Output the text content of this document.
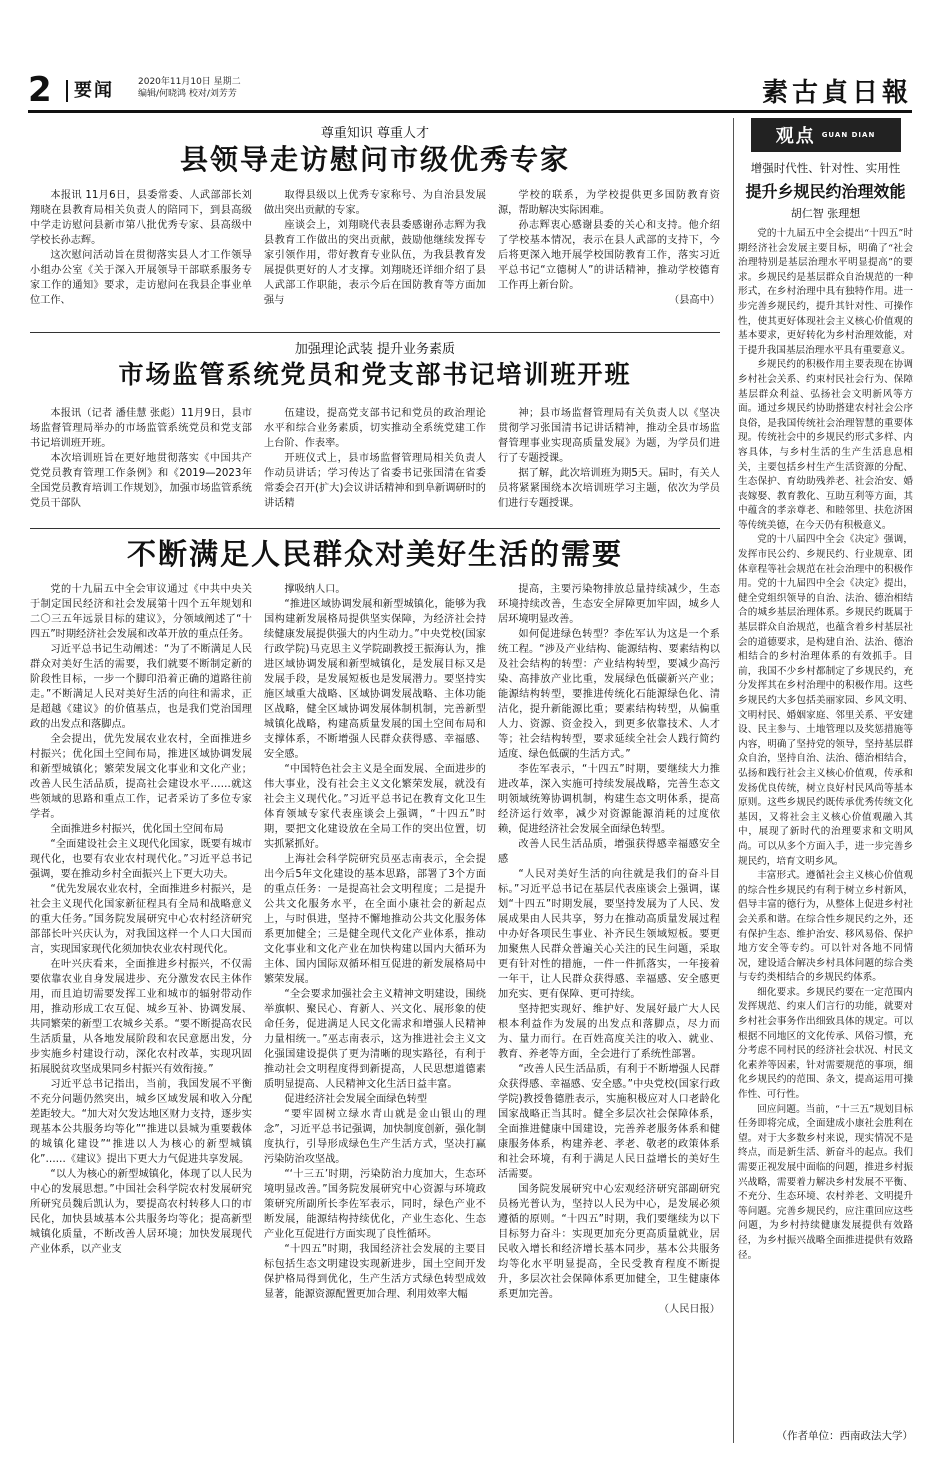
2	要闻	2020年11月10日 星期二
编辑/何晓鸿 校对/刘芳芳	素古貞日報
尊重知识 尊重人才
县领导走访慰问市级优秀专家

本报讯 11月6日，县委常委、人武部部长刘翔晓在县教育局相关负责人的陪同下，到县高级中学走访慰问县新市第八批优秀专家、县高级中学校长孙志辉。

这次慰问活动旨在贯彻落实县人才工作领导小组办公室《关于深入开展领导干部联系服务专家工作的通知》要求，走访慰问在我县企事业单位工作、

取得县级以上优秀专家称号、为自治县发展做出突出贡献的专家。

座谈会上，刘翔晓代表县委感谢孙志辉为我县教育工作做出的突出贡献，鼓励他继续发挥专家引领作用，带好教育专业队伍，为我县教育发展提供更好的人才支撑。刘翔晓还详细介绍了县人武部工作职能，表示今后在国防教育等方面加强与

学校的联系，为学校提供更多国防教育资源，帮助解决实际困难。

孙志辉衷心感谢县委的关心和支持。他介绍了学校基本情况，表示在县人武部的支持下，今后将更深入地开展学校国防教育工作，落实习近平总书记“立德树人”的讲话精神，推动学校德育工作再上新台阶。

（县高中）

加强理论武装 提升业务素质
市场监管系统党员和党支部书记培训班开班

本报讯（记者 潘佳慧 张彪）11月9日，县市场监督管理局举办的市场监管系统党员和党支部书记培训班开班。

本次培训班旨在更好地贯彻落实《中国共产党党员教育管理工作条例》和《2019—2023年全国党员教育培训工作规划》，加强市场监管系统党员干部队

伍建设，提高党支部书记和党员的政治理论水平和综合业务素质，切实推动全系统党建工作上台阶、作表率。

开班仪式上，县市场监督管理局相关负责人作动员讲话；学习传达了省委书记张国清在省委常委会召开(扩大)会议讲话精神和到阜新调研时的讲话精

神；县市场监督管理局有关负责人以《坚决贯彻学习张国清书记讲话精神，推动全县市场监督管理事业实现高质量发展》为题，为学员们进行了专题授课。

据了解，此次培训班为期5天。届时，有关人员将紧紧围绕本次培训班学习主题，依次为学员们进行专题授课。

不断满足人民群众对美好生活的需要

党的十九届五中全会审议通过《中共中央关于制定国民经济和社会发展第十四个五年规划和二〇三五年远景目标的建议》，分领域阐述了“十四五”时期经济社会发展和改革开放的重点任务。

习近平总书记生动阐述：“为了不断满足人民群众对美好生活的需要，我们就要不断制定新的阶段性目标，一步一个脚印沿着正确的道路往前走。”不断满足人民对美好生活的向往和需求，正是超越《建议》的价值基点，也是我们党治国理政的出发点和落脚点。

全会提出，优先发展农业农村，全面推进乡村振兴；优化国土空间布局，推进区域协调发展和新型城镇化；繁荣发展文化事业和文化产业；改善人民生活品质，提高社会建设水平……就这些领域的思路和重点工作，记者采访了多位专家学者。

全面推进乡村振兴，优化国土空间布局

“全面建设社会主义现代化国家，既要有城市现代化，也要有农业农村现代化。”习近平总书记强调，要在推动乡村全面振兴上下更大功夫。

“优先发展农业农村，全面推进乡村振兴，是社会主义现代化国家新征程具有全局和战略意义的重大任务。”国务院发展研究中心农村经济研究部部长叶兴庆认为，对我国这样一个人口大国而言，实现国家现代化须加快农业农村现代化。

在叶兴庆看来，全面推进乡村振兴，不仅需要依靠农业自身发展进步、充分激发农民主体作用，而且迫切需要发挥工业和城市的辐射带动作用，推动形成工农互促、城乡互补、协调发展、共同繁荣的新型工农城乡关系。“要不断提高农民生活质量，从各地发展阶段和农民意愿出发，分步实施乡村建设行动，深化农村改革，实现巩固拓展脱贫攻坚成果同乡村振兴有效衔接。”

习近平总书记指出，当前，我国发展不平衡不充分问题仍然突出，城乡区域发展和收入分配差距较大。“加大对欠发达地区财力支持，逐步实现基本公共服务均等化”“推进以县城为重要载体的城镇化建设”“推进以人为核心的新型城镇化”……《建议》提出下更大力气促进共享发展。

“以人为核心的新型城镇化，体现了以人民为中心的发展思想。”中国社会科学院农村发展研究所研究员魏后凯认为，要提高农村转移人口的市民化，加快县域基本公共服务均等化；提高新型城镇化质量，不断改善人居环境；加快发展现代产业体系，以产业支

撑吸纳人口。

“推进区域协调发展和新型城镇化，能够为我国构建新发展格局提供坚实保障，为经济社会持续健康发展提供强大的内生动力。”中央党校(国家行政学院)马克思主义学院副教授王振海认为，推进区域协调发展和新型城镇化，是发展目标又是发展手段，是发展短板也是发展潜力。要坚持实施区域重大战略、区域协调发展战略、主体功能区战略，健全区域协调发展体制机制，完善新型城镇化战略，构建高质量发展的国土空间布局和支撑体系，不断增强人民群众获得感、幸福感、安全感。

“中国特色社会主义是全面发展、全面进步的伟大事业，没有社会主义文化繁荣发展，就没有社会主义现代化。”习近平总书记在教育文化卫生体育领域专家代表座谈会上强调，“十四五”时期，要把文化建设放在全局工作的突出位置，切实抓紧抓好。

上海社会科学院研究员巫志南表示，全会提出今后5年文化建设的基本思路，部署了3个方面的重点任务：一是提高社会文明程度；二是提升公共文化服务水平，在全面小康社会的新起点上，与时俱进，坚持不懈地推动公共文化服务体系更加健全；三是健全现代文化产业体系，推动文化事业和文化产业在加快构建以国内大循环为主体、国内国际双循环相互促进的新发展格局中繁荣发展。

“全会要求加强社会主义精神文明建设，围绕举旗帜、聚民心、育新人、兴文化、展形象的使命任务，促进满足人民文化需求和增强人民精神力量相统一。”巫志南表示，这为推进社会主义文化强国建设提供了更为清晰的现实路径，有利于推动社会文明程度得到新提高，人民思想道德素质明显提高、人民精神文化生活日益丰富。

促进经济社会发展全面绿色转型

“要牢固树立绿水青山就是金山银山的理念”，习近平总书记强调，加快制度创新，强化制度执行，引导形成绿色生产生活方式，坚决打赢污染防治攻坚战。

“‘十三五’时期，污染防治力度加大，生态环境明显改善。”国务院发展研究中心资源与环境政策研究所副所长李佐军表示，同时，绿色产业不断发展，能源结构持续优化，产业生态化、生态产业化互促进行方面实现了良性循环。

“十四五”时期，我国经济社会发展的主要目标包括生态文明建设实现新进步，国土空间开发保护格局得到优化，生产生活方式绿色转型成效显著，能源资源配置更加合理、利用效率大幅

提高，主要污染物排放总量持续减少，生态环境持续改善，生态安全屏障更加牢固，城乡人居环境明显改善。

如何促进绿色转型？李佐军认为这是一个系统工程。“涉及产业结构、能源结构、要素结构以及社会结构的转型：产业结构转型，要减少高污染、高排放产业比重，发展绿色低碳新兴产业；能源结构转型，要推进传统化石能源绿色化、清洁化，提升新能源比重；要素结构转型，从偏重人力、资源、资金投入，到更多依靠技术、人才等；社会结构转型，要求延续全社会人践行简约适度、绿色低碳的生活方式。”

李佐军表示，“十四五”时期，要继续大力推进改革，深入实施可持续发展战略，完善生态文明领域统筹协调机制，构建生态文明体系，提高经济运行效率，减少对资源能源消耗的过度依赖，促进经济社会发展全面绿色转型。

改善人民生活品质，增强获得感幸福感安全感

“人民对美好生活的向往就是我们的奋斗目标。”习近平总书记在基层代表座谈会上强调，谋划“十四五”时期发展，要坚持发展为了人民、发展成果由人民共享，努力在推动高质量发展过程中办好各项民生事业、补齐民生领域短板。要更加聚焦人民群众普遍关心关注的民生问题，采取更有针对性的措施，一件一件抓落实，一年接着一年干，让人民群众获得感、幸福感、安全感更加充实、更有保障、更可持续。

坚持把实现好、维护好、发展好最广大人民根本利益作为发展的出发点和落脚点，尽力而为、量力而行。在百姓高度关注的收入、就业、教育、养老等方面，全会进行了系统性部署。

“改善人民生活品质，有利于不断增强人民群众获得感、幸福感、安全感。”中央党校(国家行政学院)教授鲁德胜表示，实施积极应对人口老龄化国家战略正当其时。健全多层次社会保障体系，全面推进健康中国建设，完善养老服务体系和健康服务体系，构建养老、孝老、敬老的政策体系和社会环境，有利于满足人民日益增长的美好生活需要。

国务院发展研究中心宏观经济研究部副研究员杨光普认为，坚持以人民为中心，是发展必须遵循的原则。“十四五”时期，我们要继续为以下目标努力奋斗：实现更加充分更高质量就业，居民收入增长和经济增长基本同步，基本公共服务均等化水平明显提高，全民受教育程度不断提升，多层次社会保障体系更加健全，卫生健康体系更加完善。

（人民日报）

观点 GUAN DIAN
增强时代性、针对性、实用性
提升乡规民约治理效能
胡仁智 张理想

党的十九届五中全会提出“十四五”时期经济社会发展主要目标，明确了“社会治理特别是基层治理水平明显提高”的要求。乡规民约是基层群众自治规范的一种形式，在乡村治理中具有独特作用。进一步完善乡规民约，提升其针对性、可操作性，使其更好体现社会主义核心价值观的基本要求，更好转化为乡村治理效能，对于提升我国基层治理水平具有重要意义。

乡规民约的积极作用主要表现在协调乡村社会关系、约束村民社会行为、保障基层群众利益、弘扬社会文明新风等方面。通过乡规民约协助搭建农村社会公序良俗，是我国传统社会治理智慧的重要体现。传统社会中的乡规民约形式多样、内容具体，与乡村生活的生产生活息息相关，主要包括乡村生产生活资源的分配、生态保护、育幼助残养老、社会治安、婚丧嫁娶、教育教化、互助互利等方面，其中蕴含的孝亲尊老、和睦邻里、扶危济困等传统美德，在今天仍有积极意义。

党的十八届四中全会《决定》强调，发挥市民公约、乡规民约、行业规章、团体章程等社会规范在社会治理中的积极作用。党的十九届四中全会《决定》提出，健全党组织领导的自治、法治、德治相结合的城乡基层治理体系。乡规民约既属于基层群众自治规范，也蕴含着乡村基层社会的道德要求，是构建自治、法治、德治相结合的乡村治理体系的有效抓手。目前，我国不少乡村都制定了乡规民约，充分发挥其在乡村治理中的积极作用。这些乡规民约大多包括美丽家园、乡风文明、文明村民、婚姻家庭、邻里关系、平安建设、民主参与、土地管理以及奖惩措施等内容，明确了坚持党的领导，坚持基层群众自治，坚持自治、法治、德治相结合，弘扬和践行社会主义核心价值观，传承和发扬优良传统，树立良好村民风尚等基本原则。这些乡规民约既传承优秀传统文化基因，又将社会主义核心价值观融入其中，展现了新时代的治理要求和文明风尚。可以从多个方面入手，进一步完善乡规民约，培育文明乡风。

丰富形式。遵循社会主义核心价值观的综合性乡规民约有利于树立乡村新风，倡导丰富的德行为，从整体上促进乡村社会关系和谐。在综合性乡规民约之外，还有保护生态、维护治安、移风易俗、保护地方安全等专约。可以针对各地不同情况，建设适合解决乡村具体问题的综合类与专约类相结合的乡规民约体系。

细化要求。乡规民约要在一定范围内发挥规范、约束人们言行的功能，就要对乡村社会事务作出细致具体的规定。可以根据不同地区的文化传承、风俗习惯，充分考虑不同村民的经济社会状况、村民文化素养等因素，针对需要规范的事项，细化乡规民约的范围、条文，提高运用可操作性、可行性。

回应问题。当前，“十三五”规划目标任务即将完成，全面建成小康社会胜利在望。对于大多数乡村来说，现实情况不是终点，而是新生活、新奋斗的起点。我们需要正视发展中面临的问题，推进乡村振兴战略，需要着力解决乡村发展不平衡、不充分、生态环境、农村养老、文明提升等问题。完善乡规民约，应注重回应这些问题，为乡村持续健康发展提供有效路径，为乡村振兴战略全面推进提供有效路径。

（作者单位：西南政法大学）
